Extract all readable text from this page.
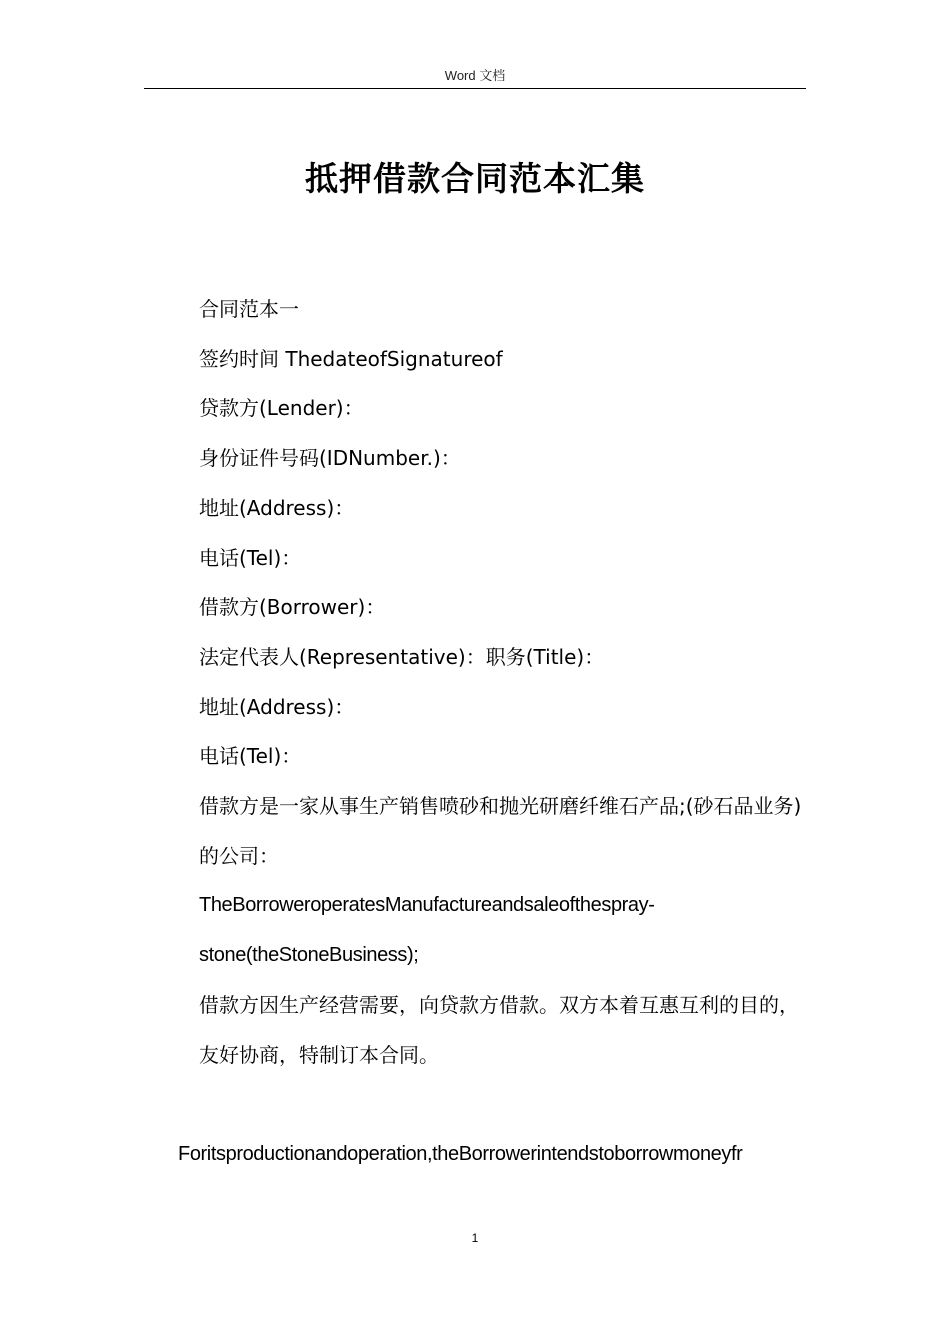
Word 文档
抵押借款合同范本汇集

合同范本一

签约时间 ThedateofSignatureof

贷款方(Lender)：

身份证件号码(IDNumber.)：

地址(Address)：

电话(Tel)：

借款方(Borrower)：

法定代表人(Representative)：职务(Title)：

地址(Address)：

电话(Tel)：

借款方是一家从事生产销售喷砂和抛光研磨纤维石产品;(砂石品业务)的公司：

TheBorroweroperatesManufactureandsaleofthespray-stone(theStoneBusiness);

借款方因生产经营需要，向贷款方借款。双方本着互惠互利的目的，友好协商，特制订本合同。

Foritsproductionandoperation,theBorrowerintendstoborrowmoneyfr

1
